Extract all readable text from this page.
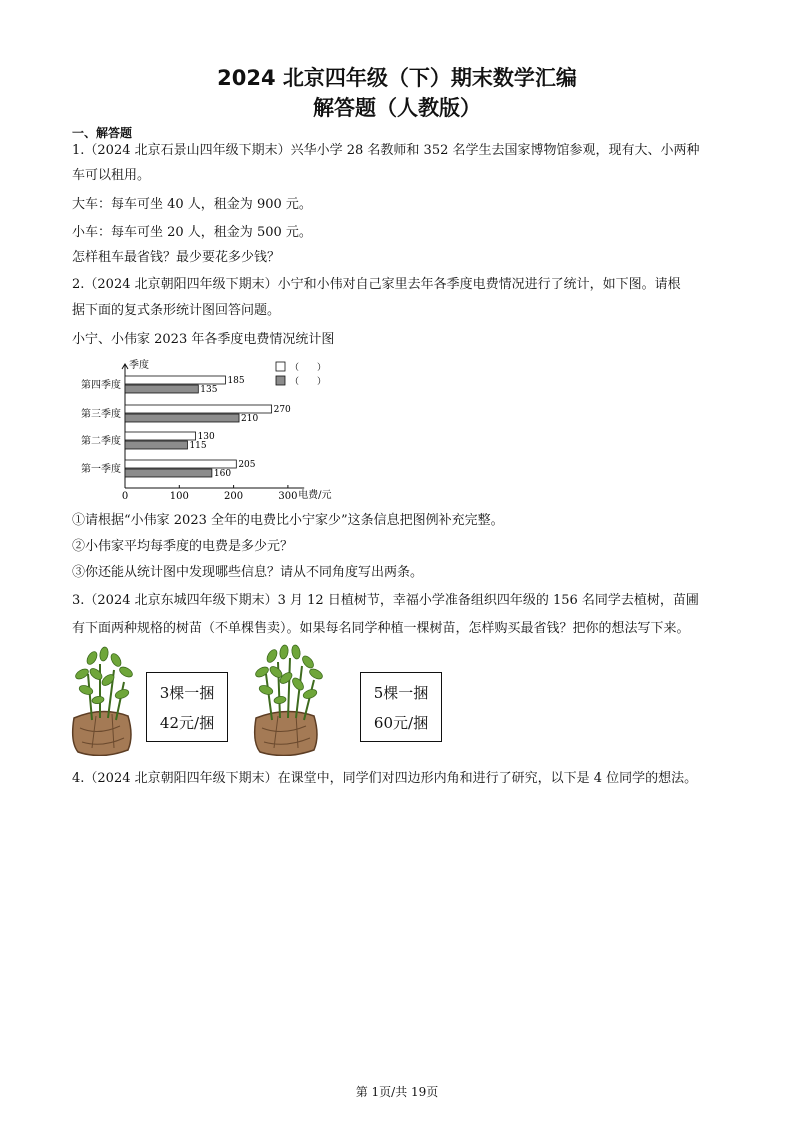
2024 北京四年级（下）期末数学汇编
解答题（人教版）
一、解答题
1.（2024 北京石景山四年级下期末）兴华小学 28 名教师和 352 名学生去国家博物馆参观，现有大、小两种
车可以租用。
大车：每车可坐 40 人，租金为 900 元。
小车：每车可坐 20 人，租金为 500 元。
怎样租车最省钱？最少要花多少钱？
2.（2024 北京朝阳四年级下期末）小宁和小伟对自己家里去年各季度电费情况进行了统计，如下图。请根
据下面的复式条形统计图回答问题。
小宁、小伟家 2023 年各季度电费情况统计图
季度
电费/元
0	100	200	300
（　　）
（　　）
第四季度
第三季度
第二季度
第一季度
185
135
270
210
130
115
205
160
①请根据“小伟家 2023 全年的电费比小宁家少”这条信息把图例补充完整。
②小伟家平均每季度的电费是多少元？
③你还能从统计图中发现哪些信息？请从不同角度写出两条。
3.（2024 北京东城四年级下期末）3 月 12 日植树节，幸福小学准备组织四年级的 156 名同学去植树，苗圃
有下面两种规格的树苗（不单棵售卖）。如果每名同学种植一棵树苗，怎样购买最省钱？把你的想法写下来。
3棵一捆
42元/捆
5棵一捆
60元/捆
4.（2024 北京朝阳四年级下期末）在课堂中，同学们对四边形内角和进行了研究，以下是 4 位同学的想法。
第 1页/共 19页
